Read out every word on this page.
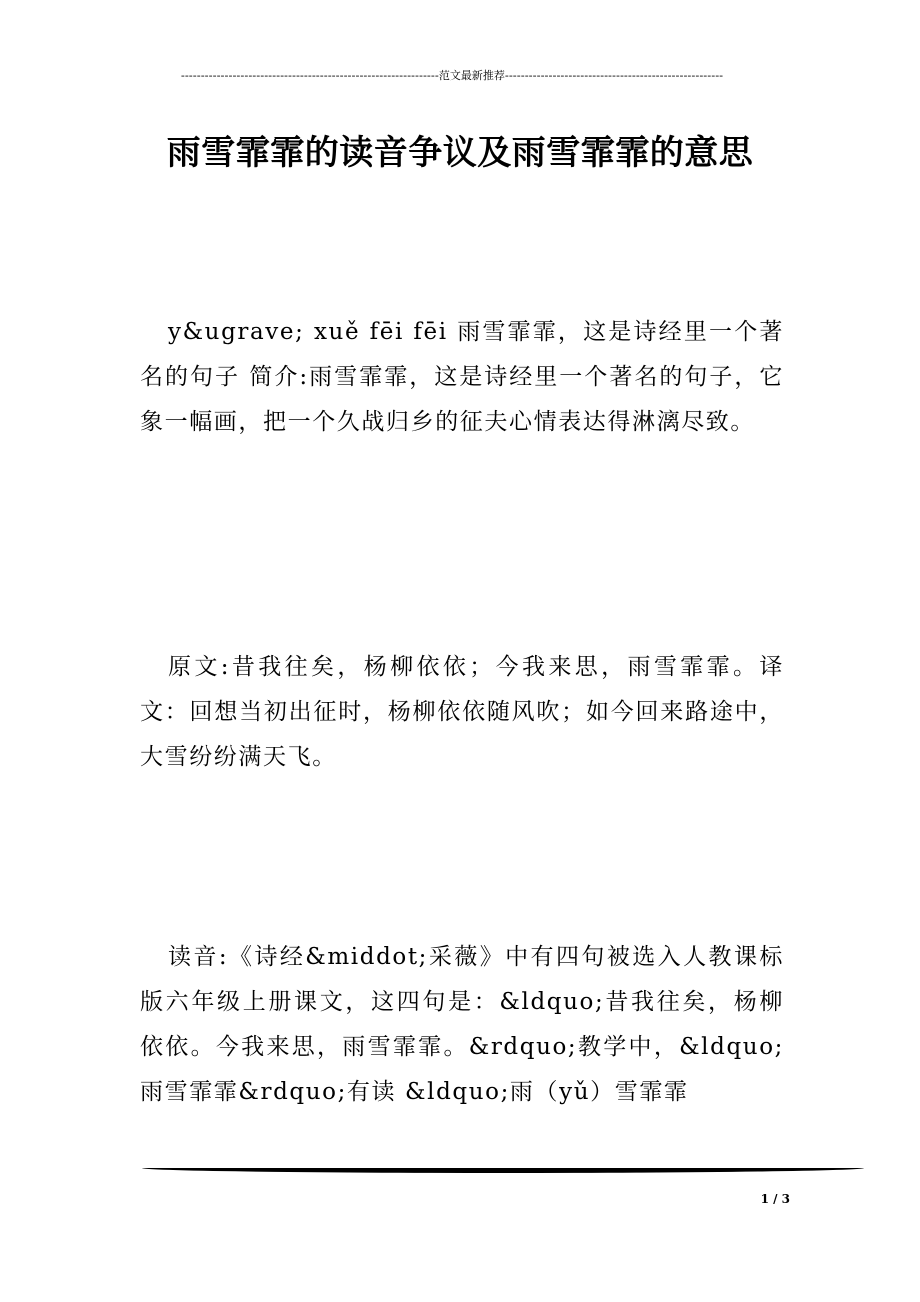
-----------------------------------------------------------------范文最新推荐-------------------------------------------------------
雨雪霏霏的读音争议及雨雪霏霏的意思

y&ugrave; xuě fēi fēi 雨雪霏霏，这是诗经里一个著名的句子 简介:雨雪霏霏，这是诗经里一个著名的句子，它象一幅画，把一个久战归乡的征夫心情表达得淋漓尽致。

原文:昔我往矣，杨柳依依；今我来思，雨雪霏霏。译文：回想当初出征时，杨柳依依随风吹；如今回来路途中，大雪纷纷满天飞。

读音:《诗经&middot;采薇》中有四句被选入人教课标版六年级上册课文，这四句是：&ldquo;昔我往矣，杨柳依依。今我来思，雨雪霏霏。&rdquo;教学中，&ldquo;雨雪霏霏&rdquo;有读 &ldquo;雨（yǔ）雪霏霏

1 / 3
